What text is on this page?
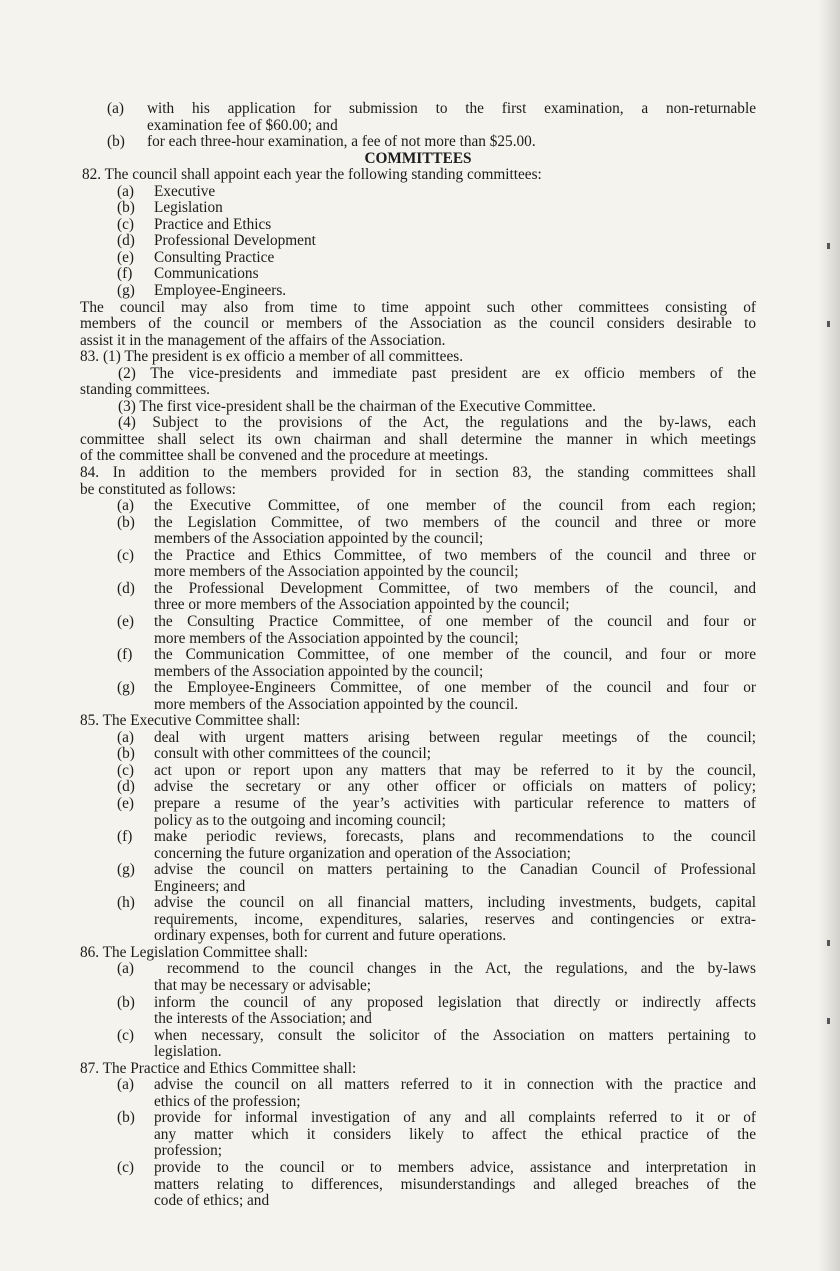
(a) with his application for submission to the first examination, a non-returnable
examination fee of $60.00; and
(b) for each three-hour examination, a fee of not more than $25.00.
COMMITTEES
82. The council shall appoint each year the following standing committees:
(a) Executive
(b) Legislation
(c) Practice and Ethics
(d) Professional Development
(e) Consulting Practice
(f) Communications
(g) Employee-Engineers.
The council may also from time to time appoint such other committees consisting of
members of the council or members of the Association as the council considers desirable to
assist it in the management of the affairs of the Association.
83. (1) The president is ex officio a member of all committees.
(2) The vice-presidents and immediate past president are ex officio members of the
standing committees.
(3) The first vice-president shall be the chairman of the Executive Committee.
(4) Subject to the provisions of the Act, the regulations and the by-laws, each
committee shall select its own chairman and shall determine the manner in which meetings
of the committee shall be convened and the procedure at meetings.
84. In addition to the members provided for in section 83, the standing committees shall
be constituted as follows:
(a) the Executive Committee, of one member of the council from each region;
(b) the Legislation Committee, of two members of the council and three or more
members of the Association appointed by the council;
(c) the Practice and Ethics Committee, of two members of the council and three or
more members of the Association appointed by the council;
(d) the Professional Development Committee, of two members of the council, and
three or more members of the Association appointed by the council;
(e) the Consulting Practice Committee, of one member of the council and four or
more members of the Association appointed by the council;
(f) the Communication Committee, of one member of the council, and four or more
members of the Association appointed by the council;
(g) the Employee-Engineers Committee, of one member of the council and four or
more members of the Association appointed by the council.
85. The Executive Committee shall:
(a) deal with urgent matters arising between regular meetings of the council;
(b) consult with other committees of the council;
(c) act upon or report upon any matters that may be referred to it by the council,
(d) advise the secretary or any other officer or officials on matters of policy;
(e) prepare a resume of the year’s activities with particular reference to matters of
policy as to the outgoing and incoming council;
(f) make periodic reviews, forecasts, plans and recommendations to the council
concerning the future organization and operation of the Association;
(g) advise the council on matters pertaining to the Canadian Council of Professional
Engineers; and
(h) advise the council on all financial matters, including investments, budgets, capital
requirements, income, expenditures, salaries, reserves and contingencies or extra-
ordinary expenses, both for current and future operations.
86. The Legislation Committee shall:
(a) recommend to the council changes in the Act, the regulations, and the by-laws
that may be necessary or advisable;
(b) inform the council of any proposed legislation that directly or indirectly affects
the interests of the Association; and
(c) when necessary, consult the solicitor of the Association on matters pertaining to
legislation.
87. The Practice and Ethics Committee shall:
(a) advise the council on all matters referred to it in connection with the practice and
ethics of the profession;
(b) provide for informal investigation of any and all complaints referred to it or of
any matter which it considers likely to affect the ethical practice of the
profession;
(c) provide to the council or to members advice, assistance and interpretation in
matters relating to differences, misunderstandings and alleged breaches of the
code of ethics; and
